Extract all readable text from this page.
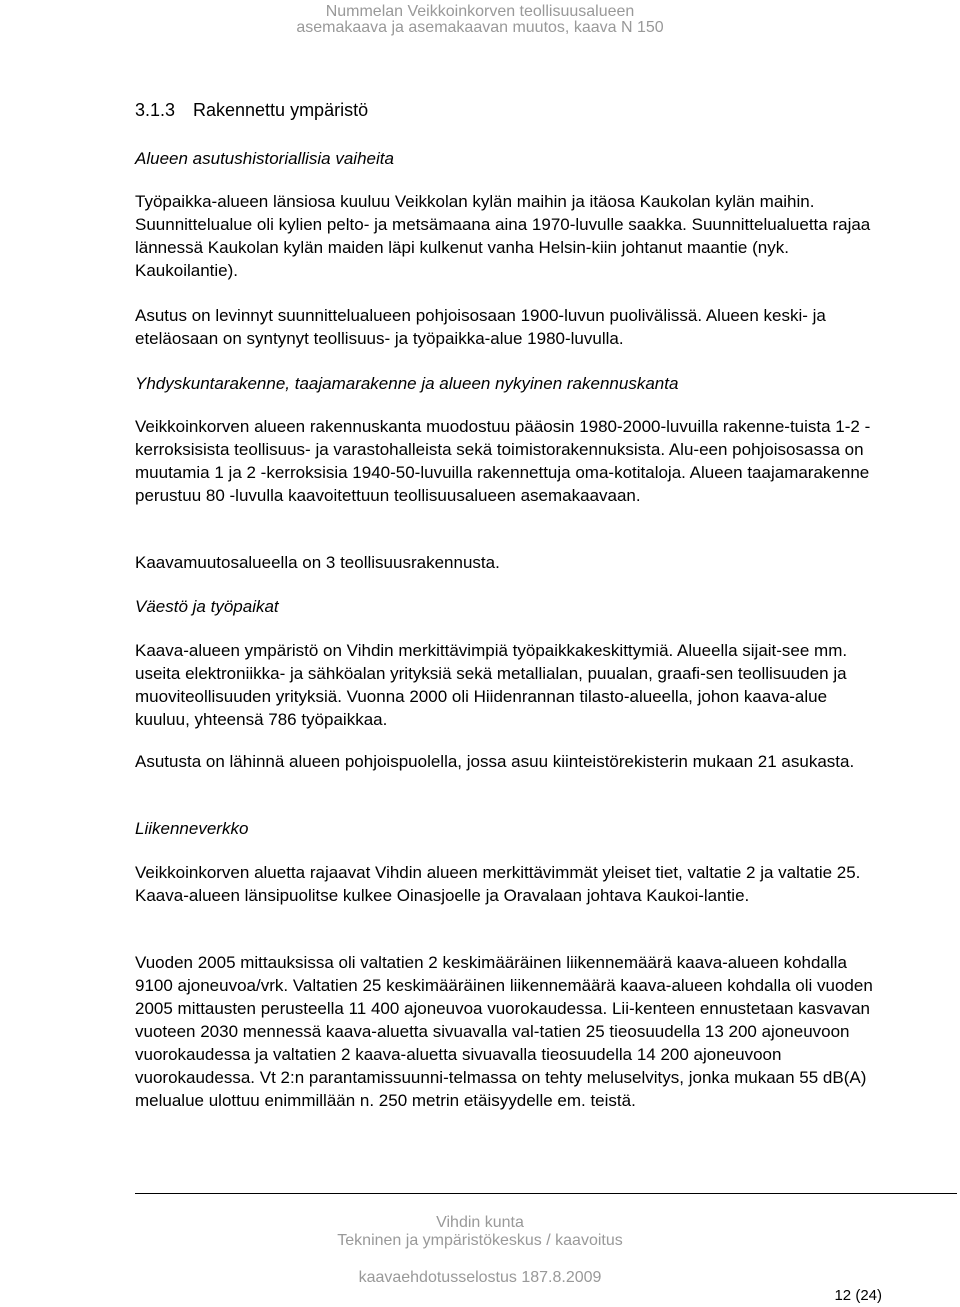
Nummelan Veikkoinkorven teollisuusalueen
asemakaava ja asemakaavan muutos, kaava N 150
3.1.3 Rakennettu ympäristö

Alueen asutushistoriallisia vaiheita

Työpaikka-alueen länsiosa kuuluu Veikkolan kylän maihin ja itäosa Kaukolan kylän maihin. Suunnittelualue oli kylien pelto- ja metsämaana aina 1970-luvulle saakka. Suunnittelualuetta rajaa lännessä Kaukolan kylän maiden läpi kulkenut vanha Helsin-kiin johtanut maantie (nyk. Kaukoilantie).

Asutus on levinnyt suunnittelualueen pohjoisosaan 1900-luvun puolivälissä. Alueen keski- ja eteläosaan on syntynyt teollisuus- ja työpaikka-alue 1980-luvulla.

Yhdyskuntarakenne, taajamarakenne ja alueen nykyinen rakennuskanta

Veikkoinkorven alueen rakennuskanta muodostuu pääosin 1980-2000-luvuilla rakenne-tuista 1-2 -kerroksisista teollisuus- ja varastohalleista sekä toimistorakennuksista. Alu-een pohjoisosassa on muutamia 1 ja 2 -kerroksisia 1940-50-luvuilla rakennettuja oma-kotitaloja. Alueen taajamarakenne perustuu 80 -luvulla kaavoitettuun teollisuusalueen asemakaavaan.

Kaavamuutosalueella on 3 teollisuusrakennusta.

Väestö ja työpaikat

Kaava-alueen ympäristö on Vihdin merkittävimpiä työpaikkakeskittymiä. Alueella sijait-see mm. useita elektroniikka- ja sähköalan yrityksiä sekä metallialan, puualan, graafi-sen teollisuuden ja muoviteollisuuden yrityksiä. Vuonna 2000 oli Hiidenrannan tilasto-alueella, johon kaava-alue kuuluu, yhteensä 786 työpaikkaa.

Asutusta on lähinnä alueen pohjoispuolella, jossa asuu kiinteistörekisterin mukaan 21 asukasta.

Liikenneverkko

Veikkoinkorven aluetta rajaavat Vihdin alueen merkittävimmät yleiset tiet, valtatie 2 ja valtatie 25. Kaava-alueen länsipuolitse kulkee Oinasjoelle ja Oravalaan johtava Kaukoi-lantie.

Vuoden 2005 mittauksissa oli valtatien 2 keskimääräinen liikennemäärä kaava-alueen kohdalla 9100 ajoneuvoa/vrk. Valtatien 25 keskimääräinen liikennemäärä kaava-alueen kohdalla oli vuoden 2005 mittausten perusteella 11 400 ajoneuvoa vuorokaudessa. Lii-kenteen ennustetaan kasvavan vuoteen 2030 mennessä kaava-aluetta sivuavalla val-tatien 25 tieosuudella 13 200 ajoneuvoon vuorokaudessa ja valtatien 2 kaava-aluetta sivuavalla tieosuudella 14 200 ajoneuvoon vuorokaudessa. Vt 2:n parantamissuunni-telmassa on tehty meluselvitys, jonka mukaan 55 dB(A) melualue ulottuu enimmillään n. 250 metrin etäisyydelle em. teistä.

Vihdin kunta
Tekninen ja ympäristökeskus / kaavoitus
kaavaehdotusselostus 187.8.2009
12 (24)
